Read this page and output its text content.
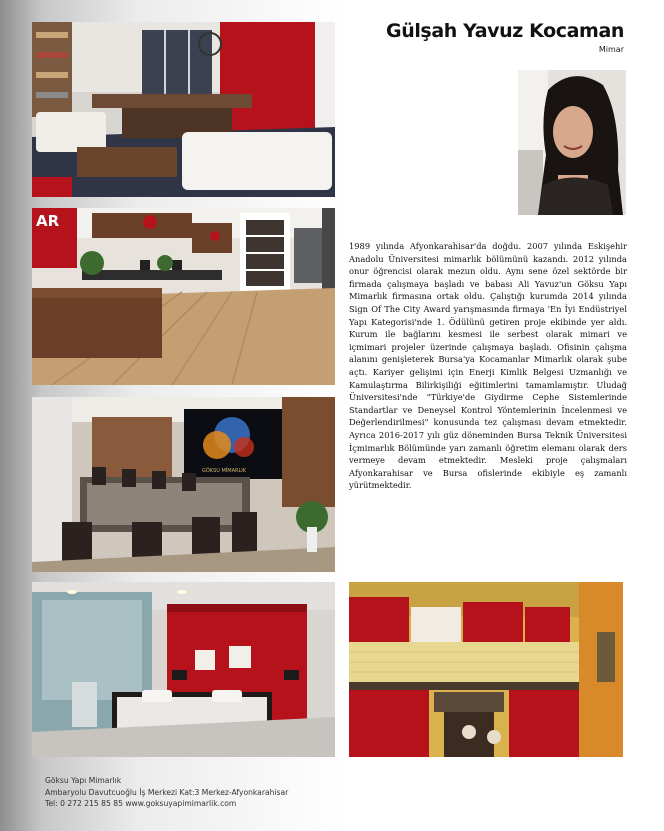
AR
GÖKSU MİMARLIK
Gülşah Yavuz Kocaman
Mimar

1989 yılında Afyonkarahisar'da doğdu. 2007 yılında Eskişehir Anadolu Üniversitesi mimarlık bölümünü kazandı. 2012 yılında onur öğrencisi olarak mezun oldu. Aynı sene özel sektörde bir firmada çalışmaya başladı ve babası Ali Yavuz'un Göksu Yapı Mimarlık firmasına ortak oldu. Çalıştığı kurumda 2014 yılında Sign Of The City Award yarışmasında firmaya 'En İyi Endüstriyel Yapı Kategorisi'nde 1. Ödülünü getiren proje ekibinde yer aldı. Kurum ile bağlarını kesmesi ile serbest olarak mimari ve içmimari projeler üzerinde çalışmaya başladı. Ofisinin çalışma alanını genişleterek Bursa'ya Kocamanlar Mimarlık olarak şube açtı. Kariyer gelişimi için Enerji Kimlik Belgesi Uzmanlığı ve Kamulaştırma Bilirkişiliği eğitimlerini tamamlamıştır. Uludağ Üniversitesi'nde "Türkiye'de Giydirme Cephe Sistemlerinde Standartlar ve Deneysel Kontrol Yöntemlerinin İncelenmesi ve Değerlendirilmesi" konusunda tez çalışması devam etmektedir. Ayrıca 2016-2017 yılı güz döneminden Bursa Teknik Üniversitesi İçmimarlık Bölümünde yarı zamanlı öğretim elemanı olarak ders vermeye devam etmektedir. Mesleki proje çalışmaları Afyonkarahisar ve Bursa ofislerinde ekibiyle eş zamanlı yürütmektedir.

Göksu Yapı Mimarlık
Ambaryolu Davutcuoğlu İş Merkezi Kat:3 Merkez-Afyonkarahisar
Tel: 0 272 215 85 85 www.goksuyapimimarlik.com
